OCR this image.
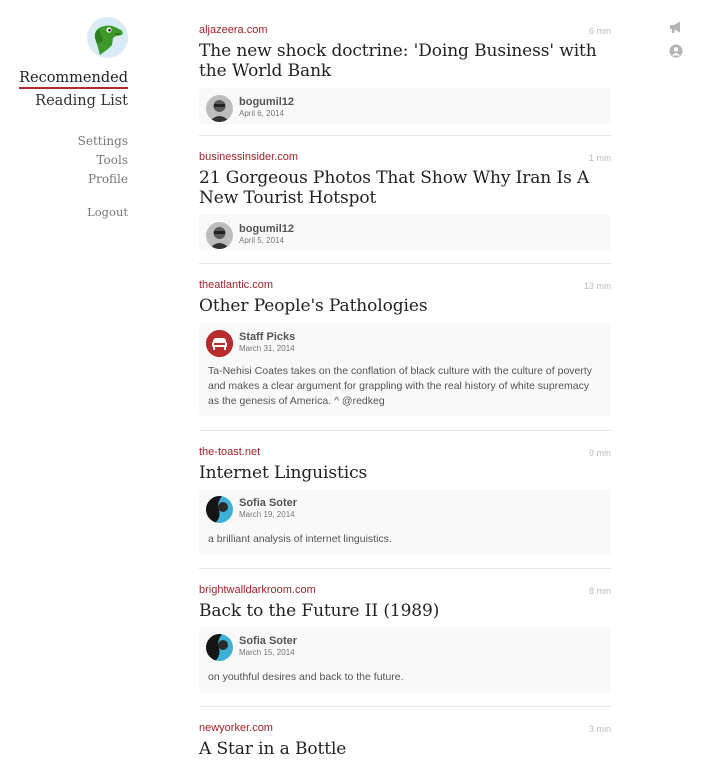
Recommended
Reading List
Settings
Tools
Profile
Logout
aljazeera.com	6 min
The new shock doctrine: 'Doing Business' with the World Bank
bogumil12
April 6, 2014
businessinsider.com	1 min
21 Gorgeous Photos That Show Why Iran Is A New Tourist Hotspot
bogumil12
April 5, 2014
theatlantic.com	13 min
Other People's Pathologies
Staff Picks
March 31, 2014
Ta-Nehisi Coates takes on the conflation of black culture with the culture of poverty and makes a clear argument for grappling with the real history of white supremacy as the genesis of America. ^ @redkeg
the-toast.net	9 min
Internet Linguistics
Sofia Soter
March 19, 2014
a brilliant analysis of internet linguistics.
brightwalldarkroom.com	8 min
Back to the Future II (1989)
Sofia Soter
March 15, 2014
on youthful desires and back to the future.
newyorker.com	3 min
A Star in a Bottle
